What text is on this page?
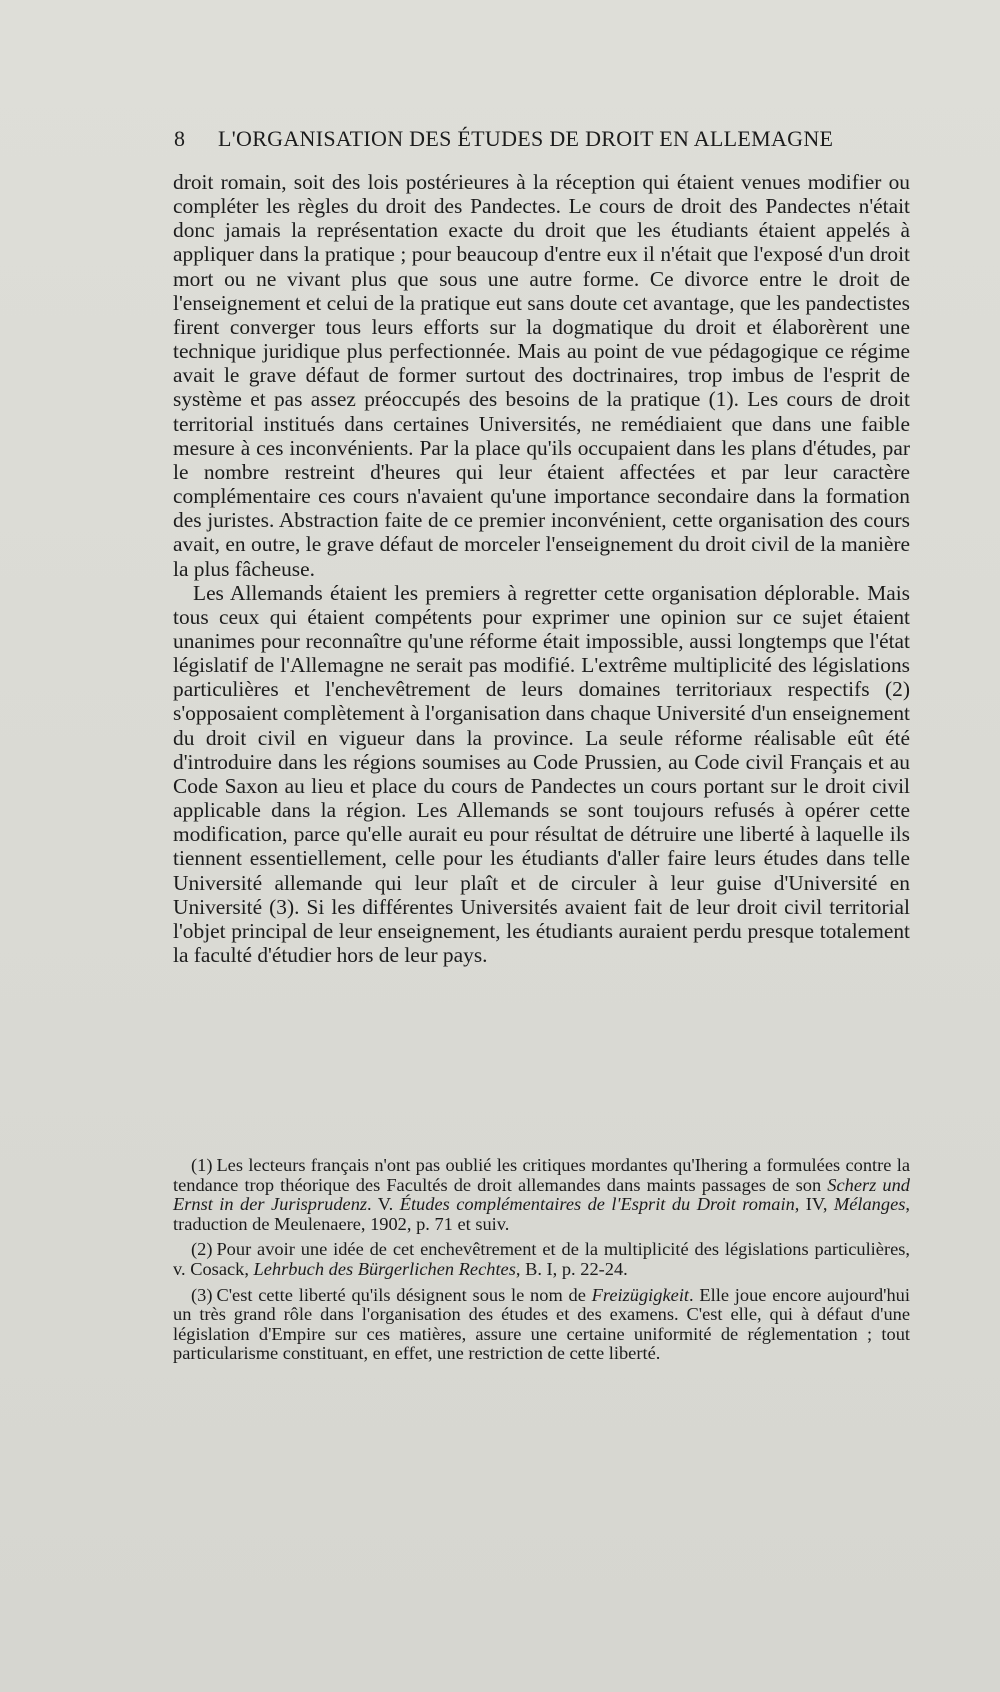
8	L'ORGANISATION DES ÉTUDES DE DROIT EN ALLEMAGNE

droit romain, soit des lois postérieures à la réception qui étaient venues modifier ou compléter les règles du droit des Pandectes. Le cours de droit des Pandectes n'était donc jamais la représentation exacte du droit que les étudiants étaient appelés à appliquer dans la pratique ; pour beaucoup d'entre eux il n'était que l'exposé d'un droit mort ou ne vivant plus que sous une autre forme. Ce divorce entre le droit de l'enseignement et celui de la pratique eut sans doute cet avantage, que les pandectistes firent converger tous leurs efforts sur la dogmatique du droit et élaborèrent une technique juridique plus perfectionnée. Mais au point de vue pédagogique ce régime avait le grave défaut de former surtout des doctrinaires, trop imbus de l'esprit de système et pas assez préoccupés des besoins de la pratique (1). Les cours de droit territorial institués dans certaines Universités, ne remédiaient que dans une faible mesure à ces inconvénients. Par la place qu'ils occupaient dans les plans d'études, par le nombre restreint d'heures qui leur étaient affectées et par leur caractère complémentaire ces cours n'avaient qu'une importance secondaire dans la formation des juristes. Abstraction faite de ce premier inconvénient, cette organisation des cours avait, en outre, le grave défaut de morceler l'enseignement du droit civil de la manière la plus fâcheuse.

Les Allemands étaient les premiers à regretter cette organisation déplorable. Mais tous ceux qui étaient compétents pour exprimer une opinion sur ce sujet étaient unanimes pour reconnaître qu'une réforme était impossible, aussi longtemps que l'état législatif de l'Allemagne ne serait pas modifié. L'extrême multiplicité des législations particulières et l'enchevêtrement de leurs domaines territoriaux respectifs (2) s'opposaient complètement à l'organisation dans chaque Université d'un enseignement du droit civil en vigueur dans la province. La seule réforme réalisable eût été d'introduire dans les régions soumises au Code Prussien, au Code civil Français et au Code Saxon au lieu et place du cours de Pandectes un cours portant sur le droit civil applicable dans la région. Les Allemands se sont toujours refusés à opérer cette modification, parce qu'elle aurait eu pour résultat de détruire une liberté à laquelle ils tiennent essentiellement, celle pour les étudiants d'aller faire leurs études dans telle Université allemande qui leur plaît et de circuler à leur guise d'Université en Université (3). Si les différentes Universités avaient fait de leur droit civil territorial l'objet principal de leur enseignement, les étudiants auraient perdu presque totalement la faculté d'étudier hors de leur pays.

(1) Les lecteurs français n'ont pas oublié les critiques mordantes qu'Ihering a formulées contre la tendance trop théorique des Facultés de droit allemandes dans maints passages de son Scherz und Ernst in der Jurisprudenz. V. Études complémentaires de l'Esprit du Droit romain, IV, Mélanges, traduction de Meulenaere, 1902, p. 71 et suiv.

(2) Pour avoir une idée de cet enchevêtrement et de la multiplicité des législations particulières, v. Cosack, Lehrbuch des Bürgerlichen Rechtes, B. I, p. 22-24.

(3) C'est cette liberté qu'ils désignent sous le nom de Freizügigkeit. Elle joue encore aujourd'hui un très grand rôle dans l'organisation des études et des examens. C'est elle, qui à défaut d'une législation d'Empire sur ces matières, assure une certaine uniformité de réglementation ; tout particularisme constituant, en effet, une restriction de cette liberté.
